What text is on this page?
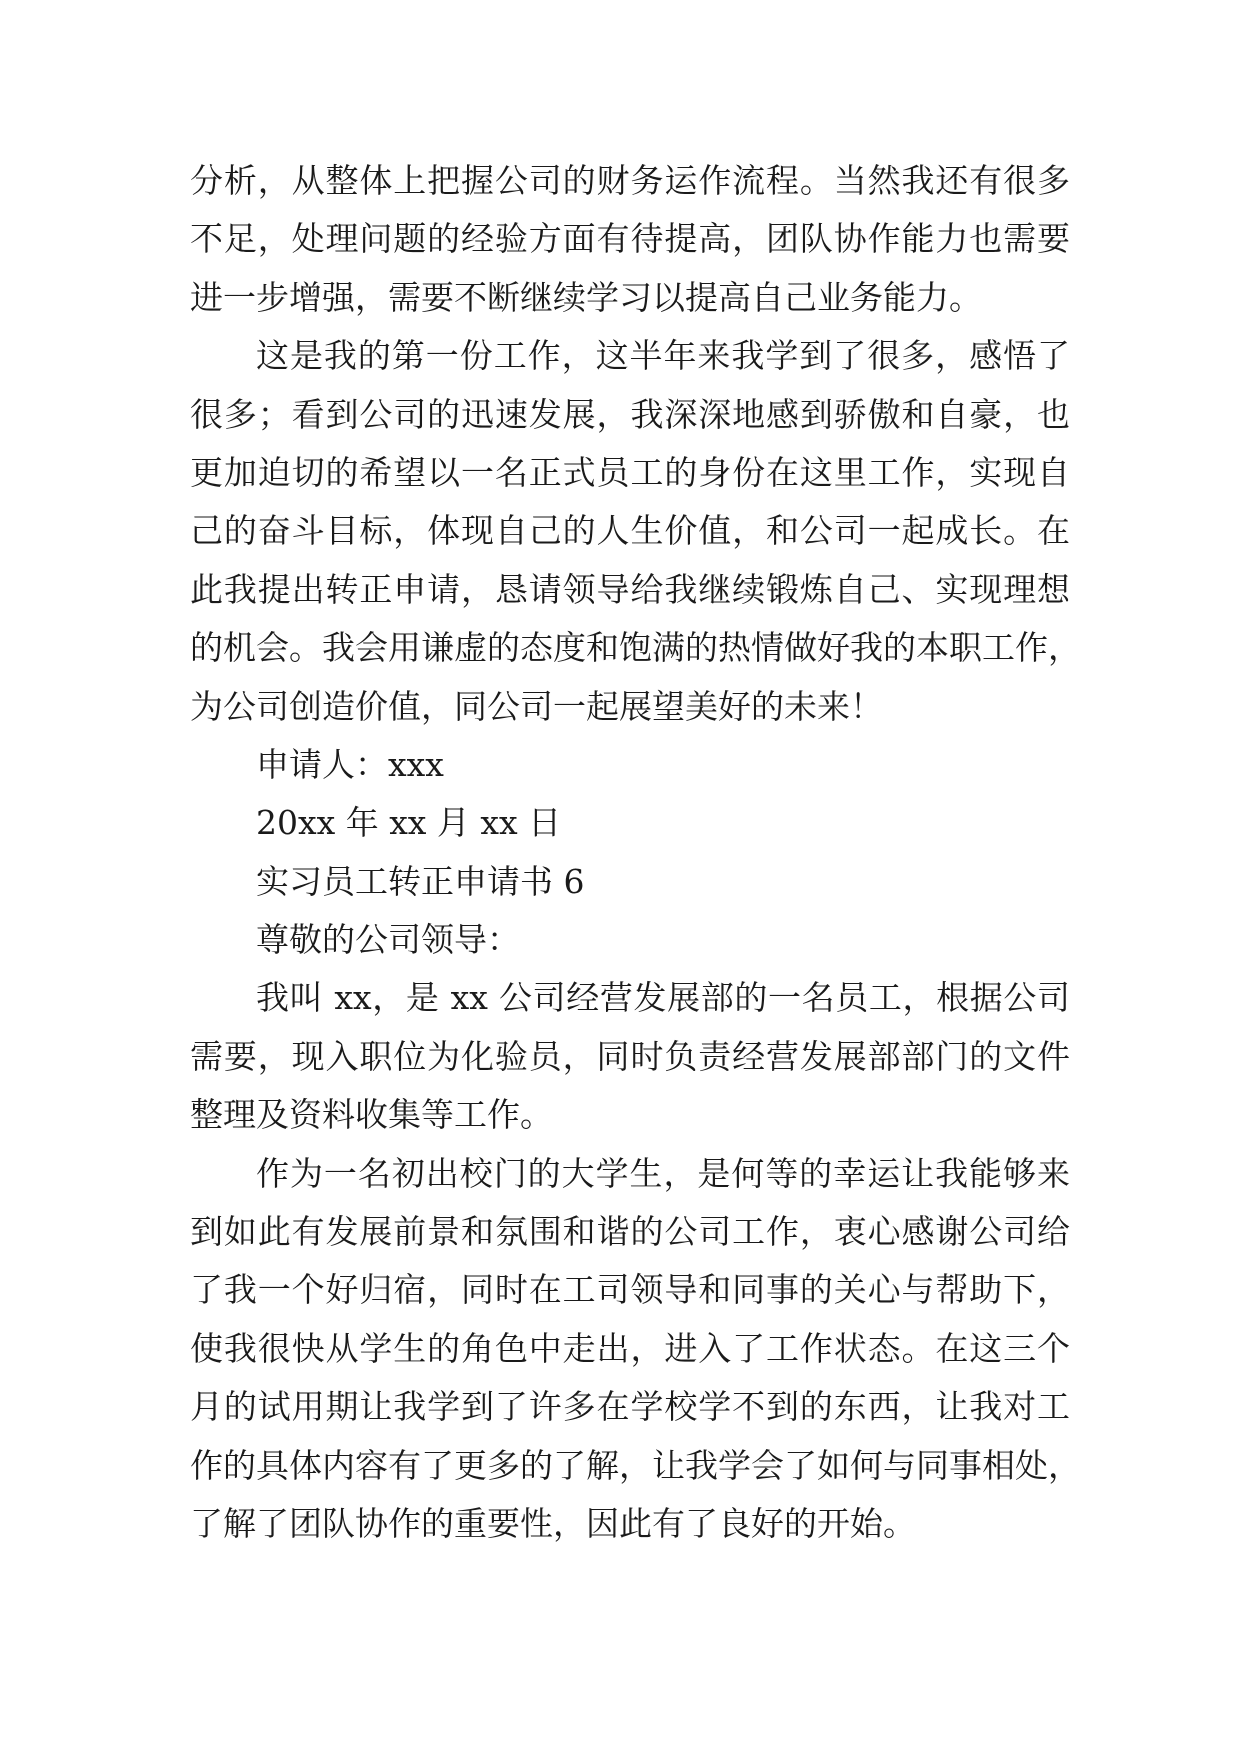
分析，从整体上把握公司的财务运作流程。当然我还有很多
不足，处理问题的经验方面有待提高，团队协作能力也需要
进一步增强，需要不断继续学习以提高自己业务能力。
这是我的第一份工作，这半年来我学到了很多，感悟了
很多；看到公司的迅速发展，我深深地感到骄傲和自豪，也
更加迫切的希望以一名正式员工的身份在这里工作，实现自
己的奋斗目标，体现自己的人生价值，和公司一起成长。在
此我提出转正申请，恳请领导给我继续锻炼自己、实现理想
的机会。我会用谦虚的态度和饱满的热情做好我的本职工作，
为公司创造价值，同公司一起展望美好的未来！
申请人：xxx
20xx 年 xx 月 xx 日
实习员工转正申请书 6
尊敬的公司领导：
我叫 xx，是 xx 公司经营发展部的一名员工，根据公司
需要，现入职位为化验员，同时负责经营发展部部门的文件
整理及资料收集等工作。
作为一名初出校门的大学生，是何等的幸运让我能够来
到如此有发展前景和氛围和谐的公司工作，衷心感谢公司给
了我一个好归宿，同时在工司领导和同事的关心与帮助下，
使我很快从学生的角色中走出，进入了工作状态。在这三个
月的试用期让我学到了许多在学校学不到的东西，让我对工
作的具体内容有了更多的了解，让我学会了如何与同事相处，
了解了团队协作的重要性，因此有了良好的开始。
